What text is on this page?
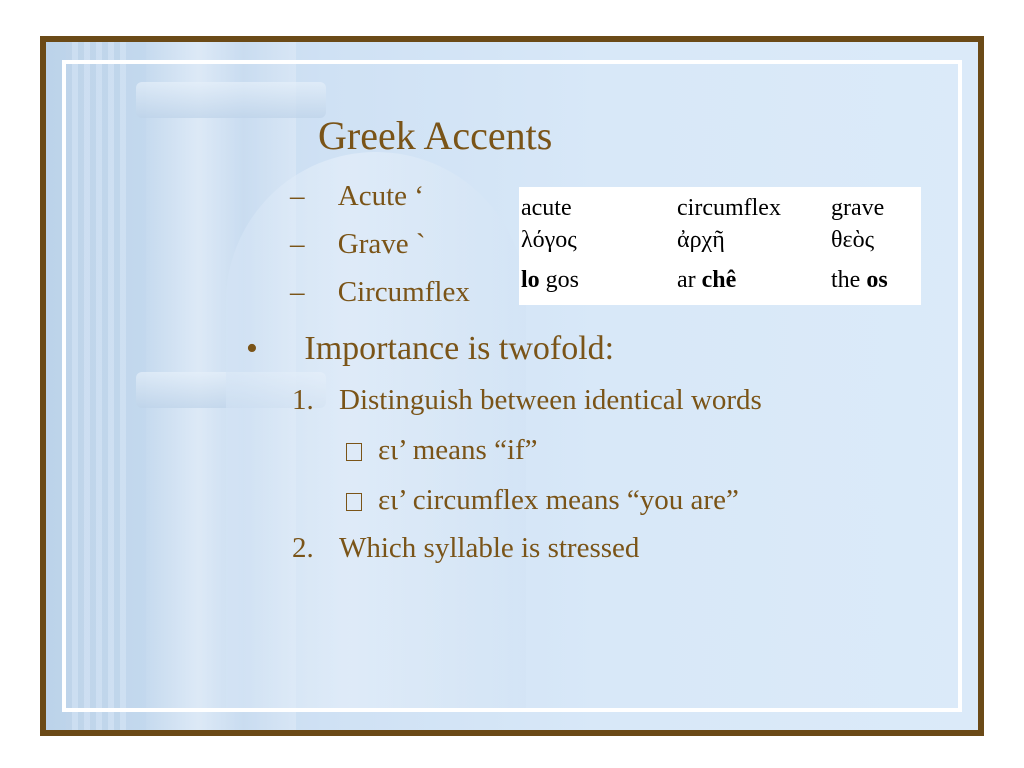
Greek Accents
– Acute ‘
– Grave `
– Circumflex
acute	circumflex grave
λόγος	ἀρχῆ	θεὸς
lo gos	ar chê	the os
• Importance is twofold:
1. Distinguish between identical words
ει’ means “if”
ει’ circumflex means “you are”
2. Which syllable is stressed
